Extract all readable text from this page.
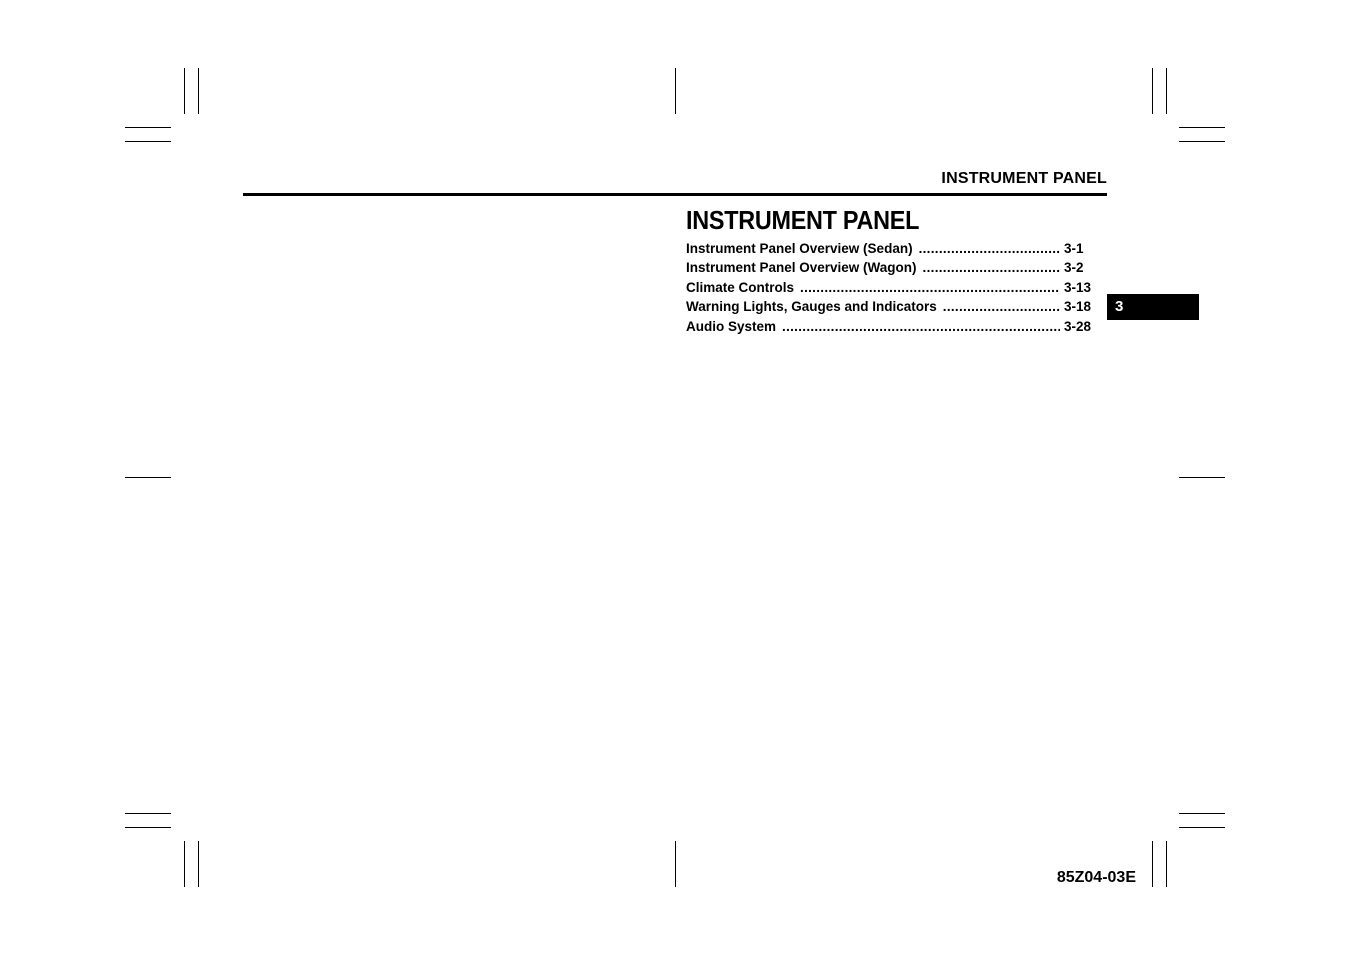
INSTRUMENT PANEL
INSTRUMENT PANEL
Instrument Panel Overview (Sedan) .....	3-1
Instrument Panel Overview (Wagon) .....	3-2
Climate Controls .....	3-13
Warning Lights, Gauges and Indicators .....	3-18
Audio System .....	3-28
3
85Z04-03E
